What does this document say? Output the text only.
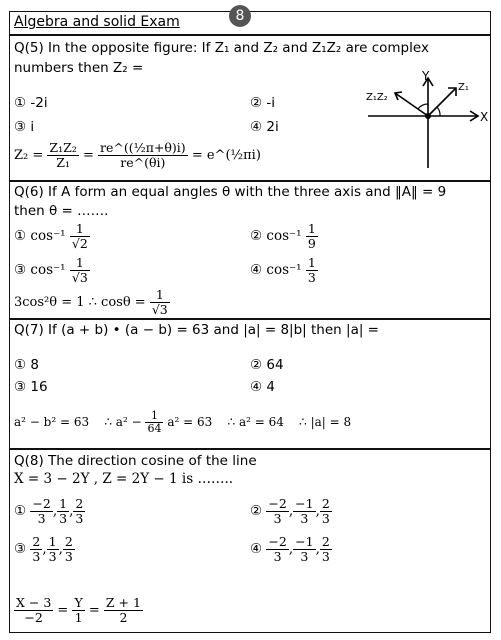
8
Algebra and solid Exam
Q(5) In the opposite figure: If Z₁ and Z₂ and Z₁Z₂ are complex
numbers then Z₂ =
① -2i	② -i
③ i	④ 2i
Y
X
Z₁
Z₁Z₂
$Z_2 = \frac{\text{Z₁Z₂}}{\text{Z₁}} = \frac{\text{re\textasciicircum{}((½π+θ)i)}}{re\^{}(\theta i)}$ = e^(½πi)
Q(6) If A form an equal angles θ with the three axis and ‖A‖ = 9
then θ = …….
① $\cos^{-1} \frac{1}{√2}$	② $\cos^{-1} \frac{1}{9}$
③ $\cos^{-1} \frac{1}{√3}$	④ $\cos^{-1} \frac{1}{3}$
3cos²θ = 1 ∴ $\cos\theta = \frac{1}{√3}$
Q(7) If (a + b) • (a − b) = 63 and |a| = 8|b| then |a| =
① 8	② 64
③ 16	④ 4
a² − b² = 63 ∴ $a^2 - \frac{1}{64} a^2 = 63$ ∴ a² = 64 ∴ |a| = 8
Q(8) The direction cosine of the line
X = 3 − 2Y , Z = 2Y − 1 is ……..
① $\frac{-2}{3}$ , $\frac{1}{3}$ , $\frac{2}{3}$	② $\frac{-2}{3}$ , $\frac{-1}{3}$ , $\frac{2}{3}$
③ $\frac{2}{3}$ , $\frac{1}{3}$ , $\frac{2}{3}$	④ $\frac{-2}{3}$ , $\frac{-1}{3}$ , $\frac{2}{3}$
$\frac{X - 3}{-2} = \frac{Y}{1} = \frac{Z + 1}{2}$
